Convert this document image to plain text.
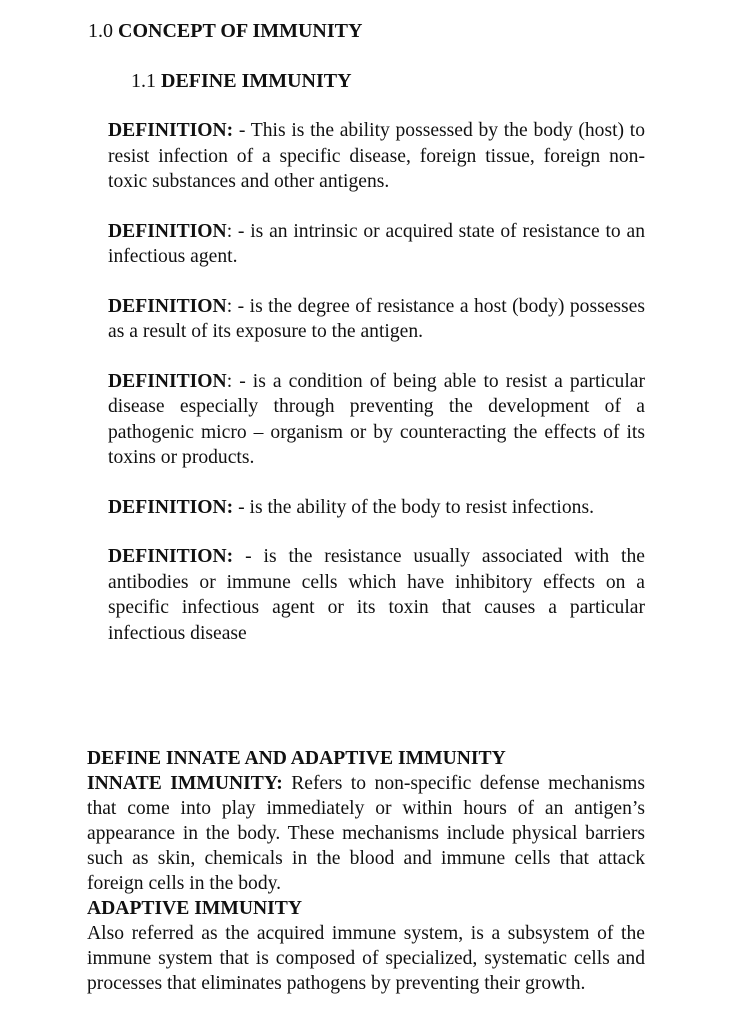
1.0 CONCEPT OF IMMUNITY
1.1 DEFINE IMMUNITY

DEFINITION: - This is the ability possessed by the body (host) to resist infection of a specific disease, foreign tissue, foreign non-toxic substances and other antigens.

DEFINITION: - is an intrinsic or acquired state of resistance to an infectious agent.

DEFINITION: - is the degree of resistance a host (body) possesses as a result of its exposure to the antigen.

DEFINITION: - is a condition of being able to resist a particular disease especially through preventing the development of a pathogenic micro – organism or by counteracting the effects of its toxins or products.

DEFINITION: - is the ability of the body to resist infections.

DEFINITION: - is the resistance usually associated with the antibodies or immune cells which have inhibitory effects on a specific infectious agent or its toxin that causes a particular infectious disease

DEFINE INNATE AND ADAPTIVE IMMUNITY

INNATE IMMUNITY: Refers to non-specific defense mechanisms that come into play immediately or within hours of an antigen’s appearance in the body. These mechanisms include physical barriers such as skin, chemicals in the blood and immune cells that attack foreign cells in the body.

ADAPTIVE IMMUNITY

Also referred as the acquired immune system, is a subsystem of the immune system that is composed of specialized, systematic cells and processes that eliminates pathogens by preventing their growth.
